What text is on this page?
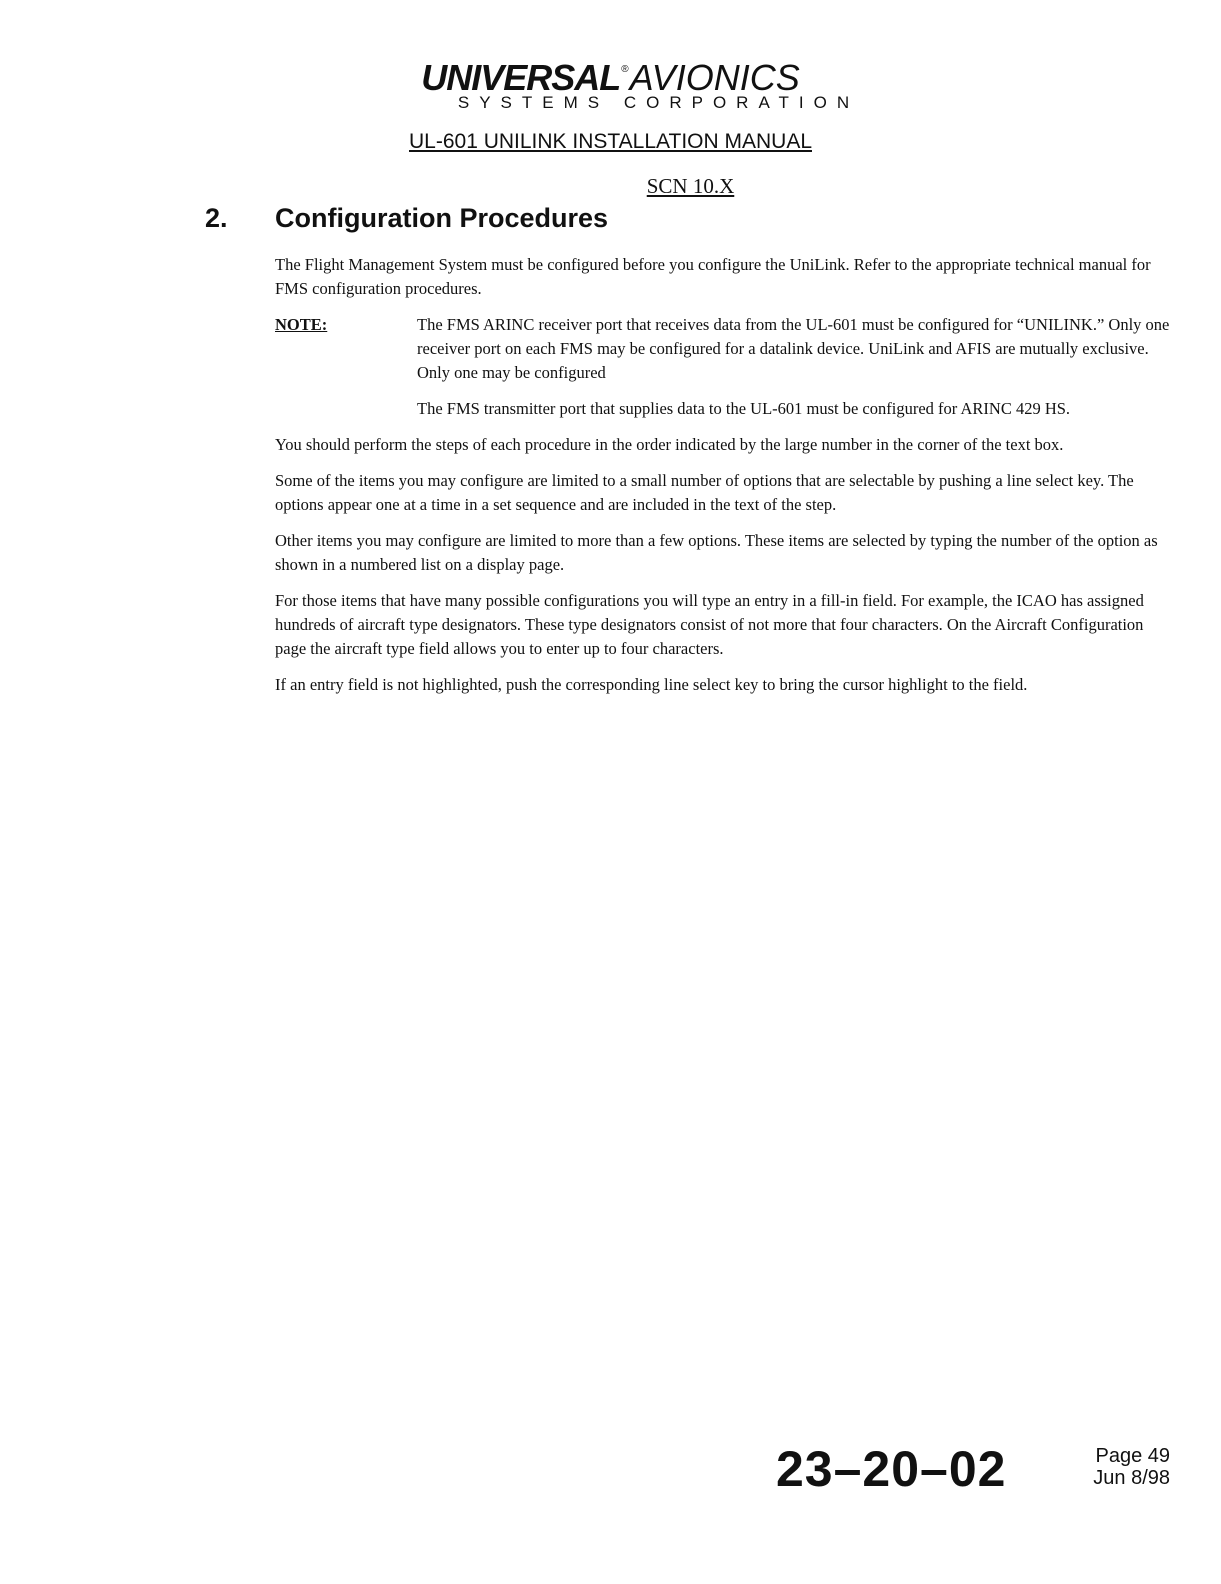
UNIVERSAL®AVIONICS
SYSTEMS CORPORATION
UL-601 UNILINK INSTALLATION MANUAL
SCN 10.X
2. Configuration Procedures

The Flight Management System must be configured before you configure the UniLink. Refer to the appropriate technical manual for FMS configuration procedures.

NOTE:	The FMS ARINC receiver port that receives data from the UL-601 must be configured for “UNILINK.” Only one receiver port on each FMS may be configured for a datalink device. UniLink and AFIS are mutually exclusive. Only one may be configured

The FMS transmitter port that supplies data to the UL-601 must be configured for ARINC 429 HS.

You should perform the steps of each procedure in the order indicated by the large number in the corner of the text box.

Some of the items you may configure are limited to a small number of options that are selectable by pushing a line select key. The options appear one at a time in a set sequence and are included in the text of the step.

Other items you may configure are limited to more than a few options. These items are selected by typing the number of the option as shown in a numbered list on a display page.

For those items that have many possible configurations you will type an entry in a fill-in field. For example, the ICAO has assigned hundreds of aircraft type designators. These type designators consist of not more that four characters. On the Aircraft Configuration page the aircraft type field allows you to enter up to four characters.

If an entry field is not highlighted, push the corresponding line select key to bring the cursor highlight to the field.

23–20–02	Page 49
Jun 8/98
